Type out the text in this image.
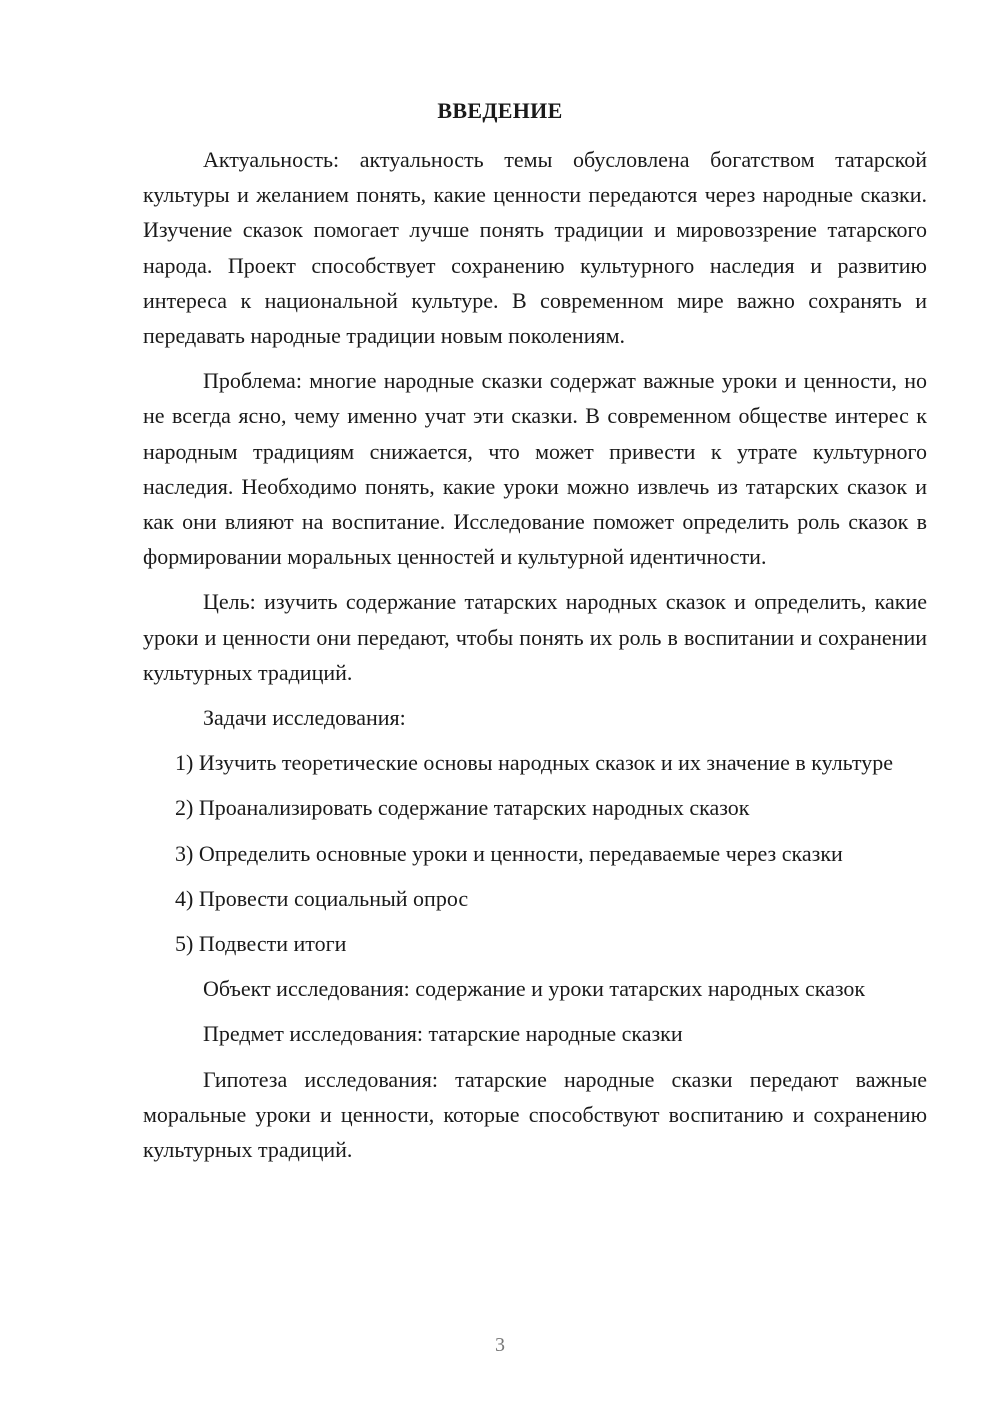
ВВЕДЕНИЕ

Актуальность: актуальность темы обусловлена богатством татарской культуры и желанием понять, какие ценности передаются через народные сказки. Изучение сказок помогает лучше понять традиции и мировоззрение татарского народа. Проект способствует сохранению культурного наследия и развитию интереса к национальной культуре. В современном мире важно сохранять и передавать народные традиции новым поколениям.

Проблема: многие народные сказки содержат важные уроки и ценности, но не всегда ясно, чему именно учат эти сказки. В современном обществе интерес к народным традициям снижается, что может привести к утрате культурного наследия. Необходимо понять, какие уроки можно извлечь из татарских сказок и как они влияют на воспитание. Исследование поможет определить роль сказок в формировании моральных ценностей и культурной идентичности.

Цель: изучить содержание татарских народных сказок и определить, какие уроки и ценности они передают, чтобы понять их роль в воспитании и сохранении культурных традиций.

Задачи исследования:

1) Изучить теоретические основы народных сказок и их значение в культуре

2) Проанализировать содержание татарских народных сказок

3) Определить основные уроки и ценности, передаваемые через сказки

4) Провести социальный опрос

5) Подвести итоги

Объект исследования: содержание и уроки татарских народных сказок

Предмет исследования: татарские народные сказки

Гипотеза исследования: татарские народные сказки передают важные моральные уроки и ценности, которые способствуют воспитанию и сохранению культурных традиций.

3
